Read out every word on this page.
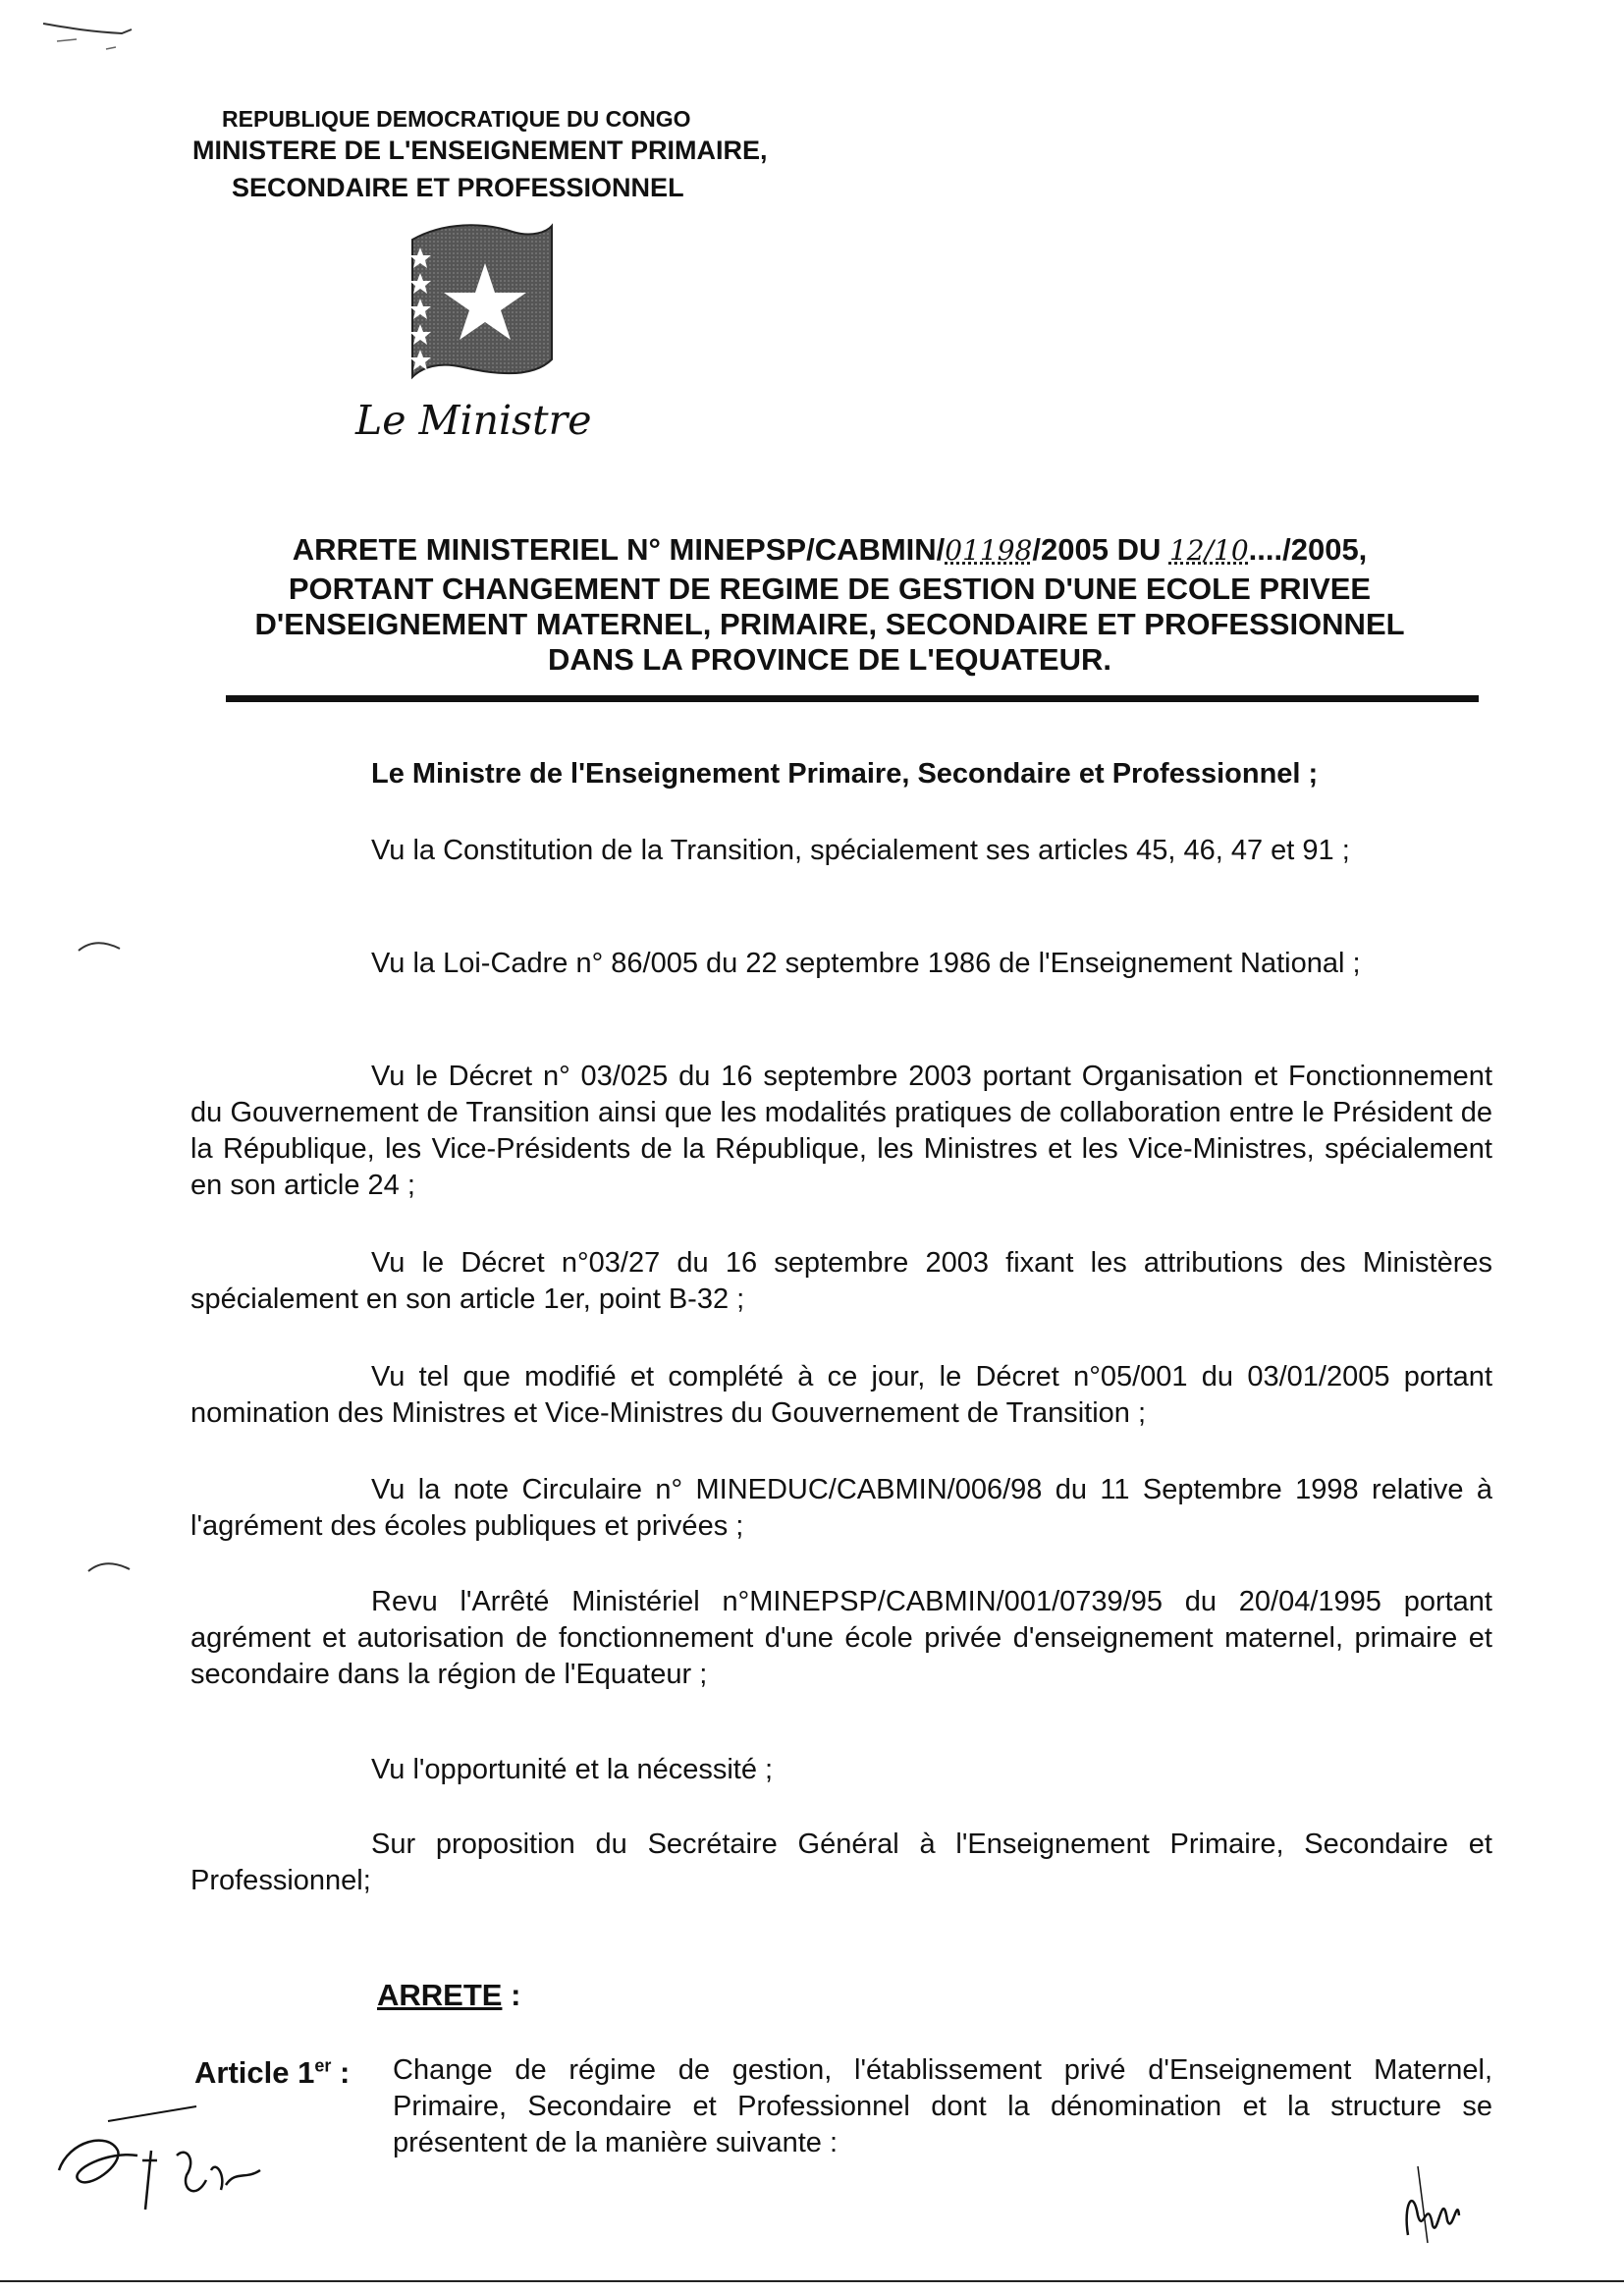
REPUBLIQUE DEMOCRATIQUE DU CONGO
MINISTERE DE L'ENSEIGNEMENT PRIMAIRE,
SECONDAIRE ET PROFESSIONNEL
Le Ministre
ARRETE MINISTERIEL N° MINEPSP/CABMIN/01198/2005 DU 12/10..../2005,
PORTANT CHANGEMENT DE REGIME DE GESTION D'UNE ECOLE PRIVEE
D'ENSEIGNEMENT MATERNEL, PRIMAIRE, SECONDAIRE ET PROFESSIONNEL
DANS LA PROVINCE DE L'EQUATEUR.
Le Ministre de l'Enseignement Primaire, Secondaire et Professionnel ;
Vu la Constitution de la Transition, spécialement ses articles 45, 46, 47 et 91 ;
Vu la Loi-Cadre n° 86/005 du 22 septembre 1986 de l'Enseignement National ;
Vu le Décret n° 03/025 du 16 septembre 2003 portant Organisation et Fonctionnement du Gouvernement de Transition ainsi que les modalités pratiques de collaboration entre le Président de la République, les Vice-Présidents de la République, les Ministres et les Vice-Ministres, spécialement en son article 24 ;
Vu le Décret n°03/27 du 16 septembre 2003 fixant les attributions des Ministères spécialement en son article 1er, point B-32 ;
Vu tel que modifié et complété à ce jour, le Décret n°05/001 du 03/01/2005 portant nomination des Ministres et Vice-Ministres du Gouvernement de Transition ;
Vu la note Circulaire n° MINEDUC/CABMIN/006/98 du 11 Septembre 1998 relative à l'agrément des écoles publiques et privées ;
Revu l'Arrêté Ministériel n°MINEPSP/CABMIN/001/0739/95 du 20/04/1995 portant agrément et autorisation de fonctionnement d'une école privée d'enseignement maternel, primaire et secondaire dans la région de l'Equateur ;
Vu l'opportunité et la nécessité ;
Sur proposition du Secrétaire Général à l'Enseignement Primaire, Secondaire et Professionnel;
ARRETE :
Article 1er : Change de régime de gestion, l'établissement privé d'Enseignement Maternel, Primaire, Secondaire et Professionnel dont la dénomination et la structure se présentent de la manière suivante :
